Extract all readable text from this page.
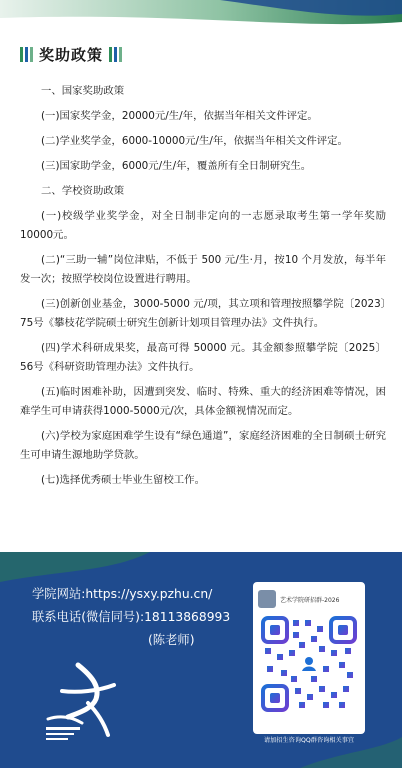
奖助政策

一、国家奖助政策

(一)国家奖学金，20000元/生/年，依据当年相关文件评定。

(二)学业奖学金，6000-10000元/生/年，依据当年相关文件评定。

(三)国家助学金，6000元/生/年，覆盖所有全日制研究生。

二、学校资助政策

(一)校级学业奖学金，对全日制非定向的一志愿录取考生第一学年奖励10000元。

(二)“三助一辅”岗位津贴，不低于 500 元/生·月，按10 个月发放，每半年发一次；按照学校岗位设置进行聘用。

(三)创新创业基金，3000-5000 元/项，其立项和管理按照攀学院〔2023〕75号《攀枝花学院硕士研究生创新计划项目管理办法》文件执行。

(四)学术科研成果奖，最高可得 50000 元。其金额参照攀学院〔2025〕56号《科研资助管理办法》文件执行。

(五)临时困难补助，因遭到突发、临时、特殊、重大的经济困难等情况，困难学生可申请获得1000-5000元/次，具体金额视情况而定。

(六)学校为家庭困难学生设有“绿色通道”，家庭经济困难的全日制硕士研究生可申请生源地助学贷款。

(七)选择优秀硕士毕业生留校工作。

学院网站:https://ysxy.pzhu.cn/
联系电话(微信同号):18113868993
(陈老师)
艺术学院研招群-2026
请加招生咨询QQ群咨询相关事宜
